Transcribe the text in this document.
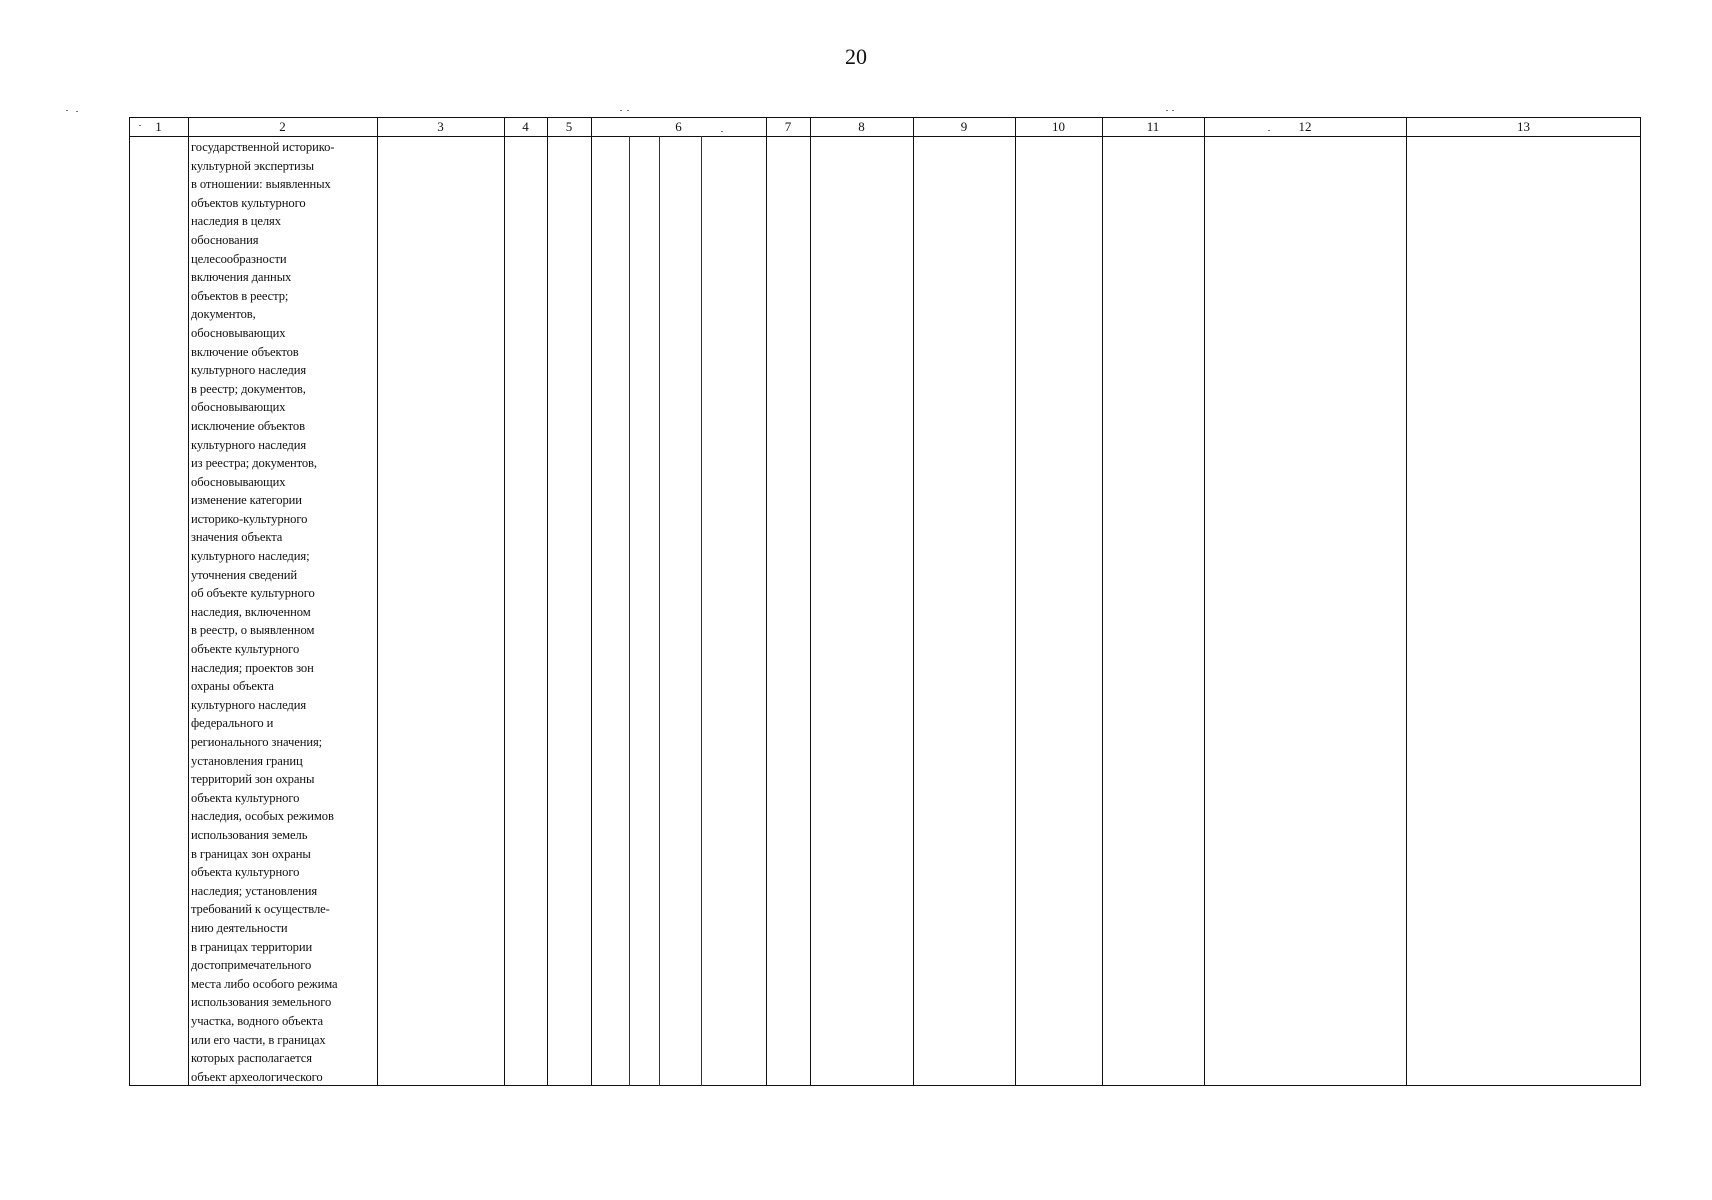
20
1	2	3	4	5	6	7	8	9	10	11	12	13
государственной историко-
культурной экспертизы
в отношении: выявленных
объектов культурного
наследия в целях
обоснования
целесообразности
включения данных
объектов в реестр;
документов,
обосновывающих
включение объектов
культурного наследия
в реестр; документов,
обосновывающих
исключение объектов
культурного наследия
из реестра; документов,
обосновывающих
изменение категории
историко-культурного
значения объекта
культурного наследия;
уточнения сведений
об объекте культурного
наследия, включенном
в реестр, о выявленном
объекте культурного
наследия; проектов зон
охраны объекта
культурного наследия
федерального и
регионального значения;
установления границ
территорий зон охраны
объекта культурного
наследия, особых режимов
использования земель
в границах зон охраны
объекта культурного
наследия; установления
требований к осуществле-
нию деятельности
в границах территории
достопримечательного
места либо особого режима
использования земельного
участка, водного объекта
или его части, в границах
которых располагается
объект археологического
